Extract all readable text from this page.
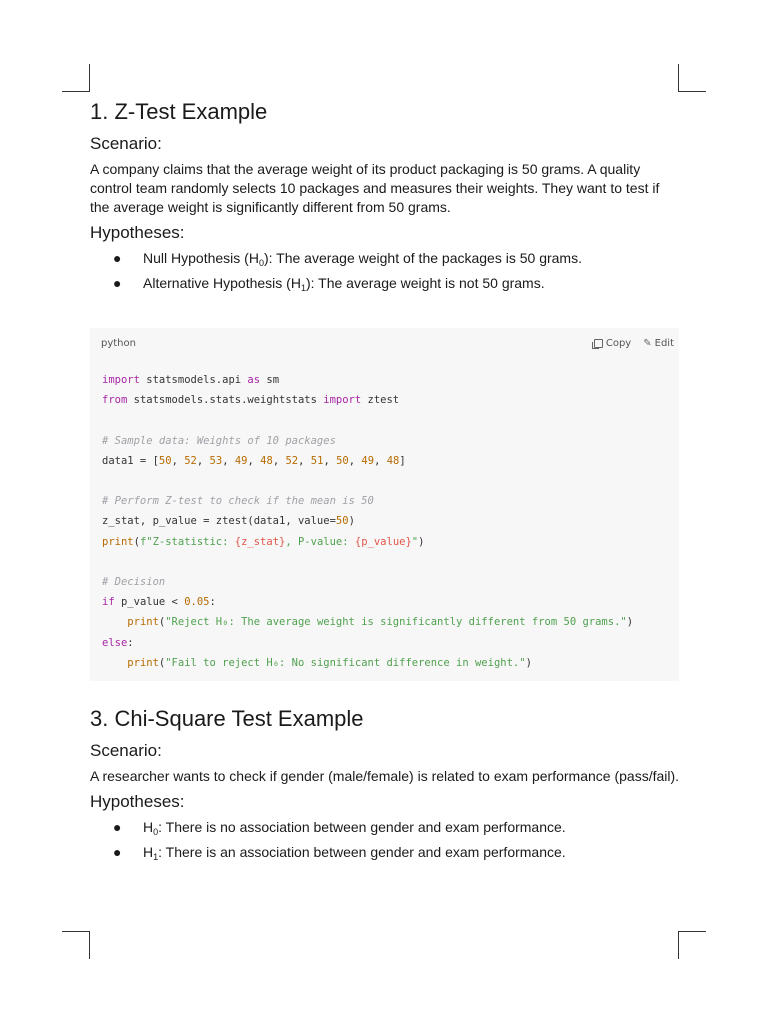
1. Z-Test Example
Scenario:

A company claims that the average weight of its product packaging is 50 grams. A quality control team randomly selects 10 packages and measures their weights. They want to test if the average weight is significantly different from 50 grams.

Hypotheses:
● Null Hypothesis $(H_0)$: The average weight of the packages is 50 grams.
● Alternative Hypothesis $(H_1)$: The average weight is not 50 grams.
python	Copy ✎ Edit
import statsmodels.api as sm
from statsmodels.stats.weightstats import ztest

# Sample data: Weights of 10 packages
data1 = [50, 52, 53, 49, 48, 52, 51, 50, 49, 48]

# Perform Z-test to check if the mean is 50
z_stat, p_value = ztest(data1, value=50)
print(f"Z-statistic: {z_stat}, P-value: {p_value}")

# Decision
if p_value < 0.05:
print("Reject H₀: The average weight is significantly different from 50 grams.")
else:
print("Fail to reject H₀: No significant difference in weight.")
3. Chi-Square Test Example
Scenario:

A researcher wants to check if gender (male/female) is related to exam performance (pass/fail).

Hypotheses:
● $H_0$: There is no association between gender and exam performance.
● $H_1$: There is an association between gender and exam performance.
